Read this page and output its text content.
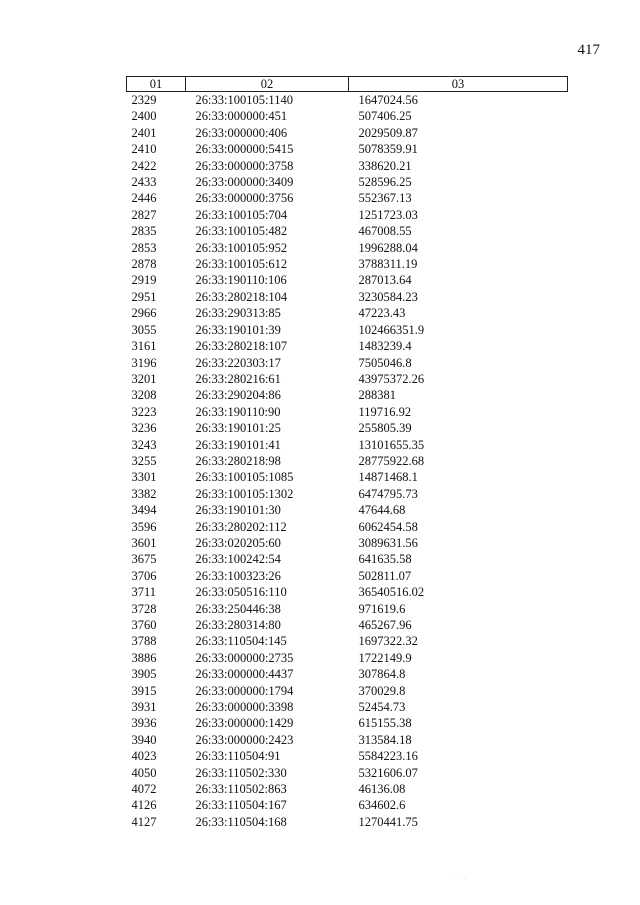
417
01	02	03
2329	26:33:100105:1140	1647024.56
2400	26:33:000000:451	507406.25
2401	26:33:000000:406	2029509.87
2410	26:33:000000:5415	5078359.91
2422	26:33:000000:3758	338620.21
2433	26:33:000000:3409	528596.25
2446	26:33:000000:3756	552367.13
2827	26:33:100105:704	1251723.03
2835	26:33:100105:482	467008.55
2853	26:33:100105:952	1996288.04
2878	26:33:100105:612	3788311.19
2919	26:33:190110:106	287013.64
2951	26:33:280218:104	3230584.23
2966	26:33:290313:85	47223.43
3055	26:33:190101:39	102466351.9
3161	26:33:280218:107	1483239.4
3196	26:33:220303:17	7505046.8
3201	26:33:280216:61	43975372.26
3208	26:33:290204:86	288381
3223	26:33:190110:90	119716.92
3236	26:33:190101:25	255805.39
3243	26:33:190101:41	13101655.35
3255	26:33:280218:98	28775922.68
3301	26:33:100105:1085	14871468.1
3382	26:33:100105:1302	6474795.73
3494	26:33:190101:30	47644.68
3596	26:33:280202:112	6062454.58
3601	26:33:020205:60	3089631.56
3675	26:33:100242:54	641635.58
3706	26:33:100323:26	502811.07
3711	26:33:050516:110	36540516.02
3728	26:33:250446:38	971619.6
3760	26:33:280314:80	465267.96
3788	26:33:110504:145	1697322.32
3886	26:33:000000:2735	1722149.9
3905	26:33:000000:4437	307864.8
3915	26:33:000000:1794	370029.8
3931	26:33:000000:3398	52454.73
3936	26:33:000000:1429	615155.38
3940	26:33:000000:2423	313584.18
4023	26:33:110504:91	5584223.16
4050	26:33:110502:330	5321606.07
4072	26:33:110502:863	46136.08
4126	26:33:110504:167	634602.6
4127	26:33:110504:168	1270441.75
· ·
